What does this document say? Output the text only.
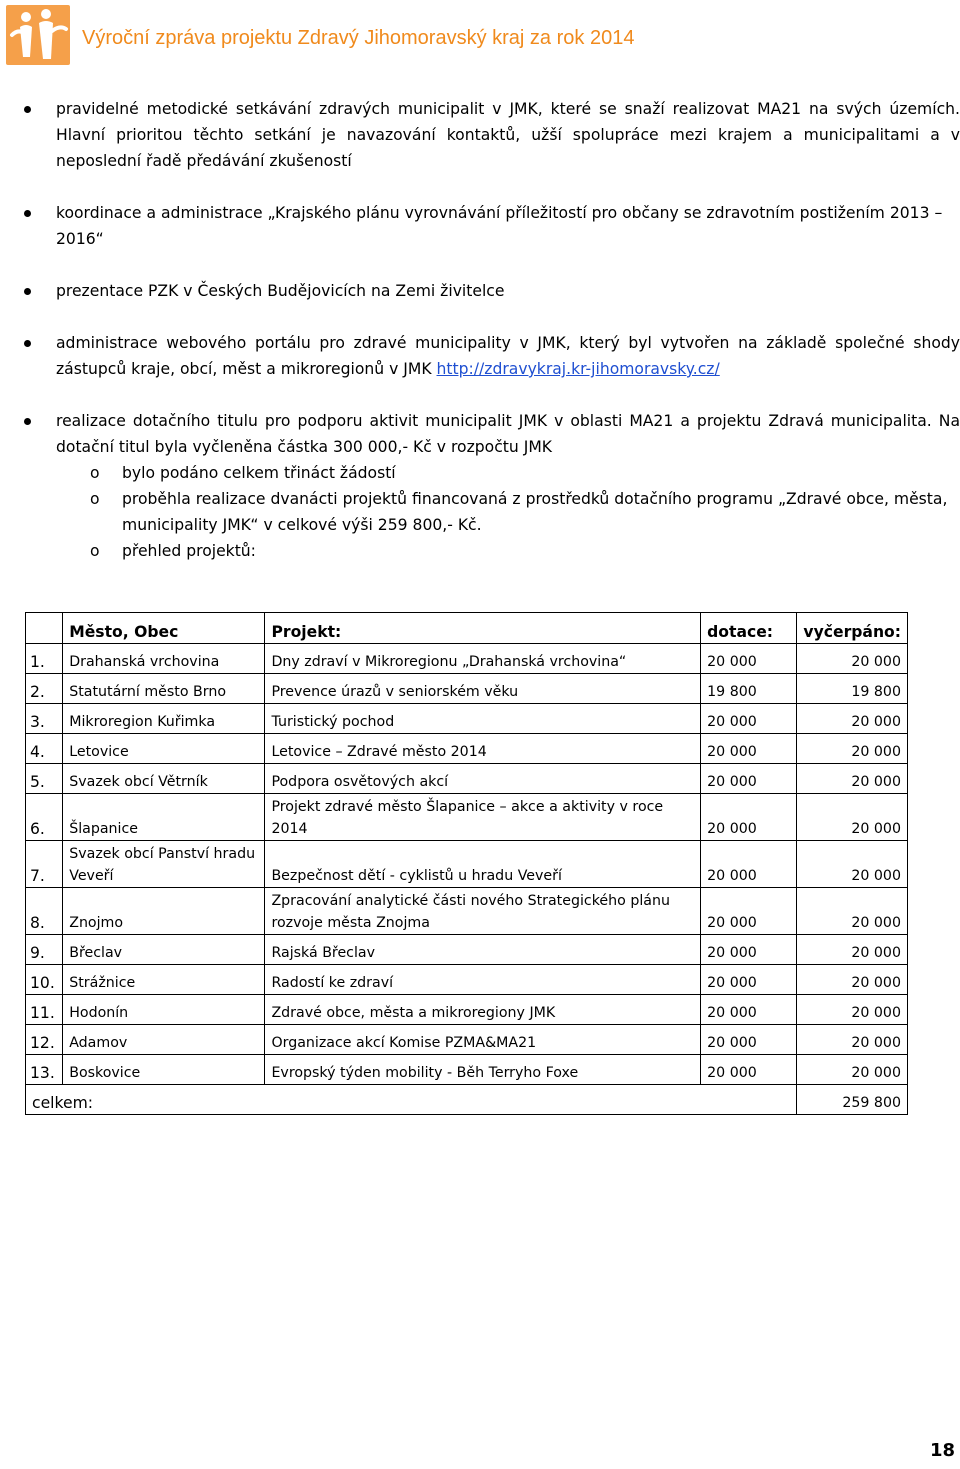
Výroční zpráva projektu Zdravý Jihomoravský kraj za rok 2014
pravidelné metodické setkávání zdravých municipalit v JMK, které se snaží realizovat MA21 na svých územích. Hlavní prioritou těchto setkání je navazování kontaktů, užší spolupráce mezi krajem a municipalitami a v neposlední řadě předávání zkušeností
koordinace a administrace „Krajského plánu vyrovnávání příležitostí pro občany se zdravotním postižením 2013 – 2016“
prezentace PZK v Českých Budějovicích na Zemi živitelce
administrace webového portálu pro zdravé municipality v JMK, který byl vytvořen na základě společné shody zástupců kraje, obcí, měst a mikroregionů v JMK http://zdravykraj.kr-jihomoravsky.cz/
realizace dotačního titulu pro podporu aktivit municipalit JMK v oblasti MA21 a projektu Zdravá municipalita. Na dotační titul byla vyčleněna částka 300 000,- Kč v rozpočtu JMK
o bylo podáno celkem třináct žádostí
o proběhla realizace dvanácti projektů financovaná z prostředků dotačního programu „Zdravé obce, města, municipality JMK“ v celkové výši 259 800,- Kč.
o přehled projektů:
	Město, Obec	Projekt:	dotace:	vyčerpáno:
1.	Drahanská vrchovina	Dny zdraví v Mikroregionu „Drahanská vrchovina“	20 000	20 000
2.	Statutární město Brno	Prevence úrazů v seniorském věku	19 800	19 800
3.	Mikroregion Kuřimka	Turistický pochod	20 000	20 000
4.	Letovice	Letovice – Zdravé město 2014	20 000	20 000
5.	Svazek obcí Větrník	Podpora osvětových akcí	20 000	20 000
6.	Šlapanice	Projekt zdravé město Šlapanice – akce a aktivity v roce 2014	20 000	20 000
7.	Svazek obcí Panství hradu Veveří	Bezpečnost dětí - cyklistů u hradu Veveří	20 000	20 000
8.	Znojmo	Zpracování analytické části nového Strategického plánu rozvoje města Znojma	20 000	20 000
9.	Břeclav	Rajská Břeclav	20 000	20 000
10.	Strážnice	Radostí ke zdraví	20 000	20 000
11.	Hodonín	Zdravé obce, města a mikroregiony JMK	20 000	20 000
12.	Adamov	Organizace akcí Komise PZMA&MA21	20 000	20 000
13.	Boskovice	Evropský týden mobility - Běh Terryho Foxe	20 000	20 000
celkem:				259 800
18
